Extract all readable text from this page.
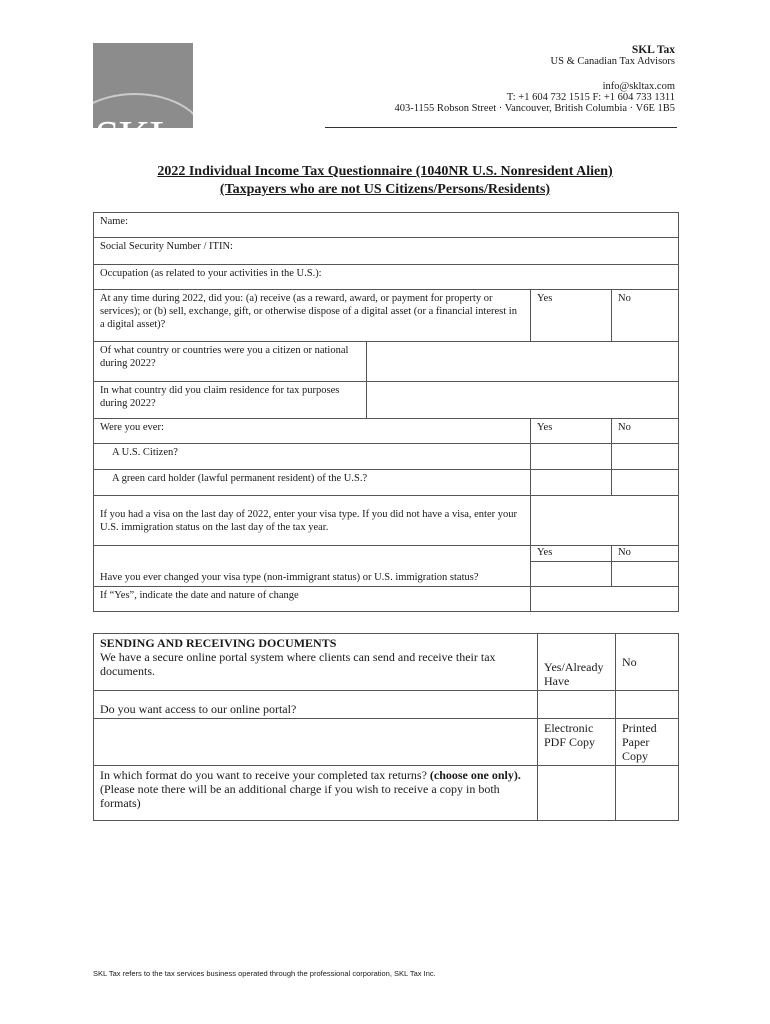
SKL
SKL Tax
US & Canadian Tax Advisors
info@skltax.com
T: +1 604 732 1515 F: +1 604 733 1311
403-1155 Robson Street · Vancouver, British Columbia · V6E 1B5
2022 Individual Income Tax Questionnaire (1040NR U.S. Nonresident Alien)
(Taxpayers who are not US Citizens/Persons/Residents)
Name:			
Social Security Number / ITIN:			
Occupation (as related to your activities in the U.S.):			
At any time during 2022, did you: (a) receive (as a reward, award, or payment for property or services); or (b) sell, exchange, gift, or otherwise dispose of a digital asset (or a financial interest in a digital asset)?		Yes	No
Of what country or countries were you a citizen or national during 2022?			
In what country did you claim residence for tax purposes during 2022?			
Were you ever:		Yes	No
A U.S. Citizen?			
A green card holder (lawful permanent resident) of the U.S.?			
If you had a visa on the last day of 2022, enter your visa type. If you did not have a visa, enter your U.S. immigration status on the last day of the tax year.			
Have you ever changed your visa type (non-immigrant status) or U.S. immigration status?		Yes	No

If “Yes”, indicate the date and nature of change			
SENDING AND RECEIVING DOCUMENTS
We have a secure online portal system where clients can send and receive their tax documents.	Yes/Already Have	No
Do you want access to our online portal?		
	Electronic PDF Copy	Printed Paper Copy
In which format do you want to receive your completed tax returns? (choose one only). (Please note there will be an additional charge if you wish to receive a copy in both formats)		
SKL Tax refers to the tax services business operated through the professional corporation, SKL Tax Inc.
